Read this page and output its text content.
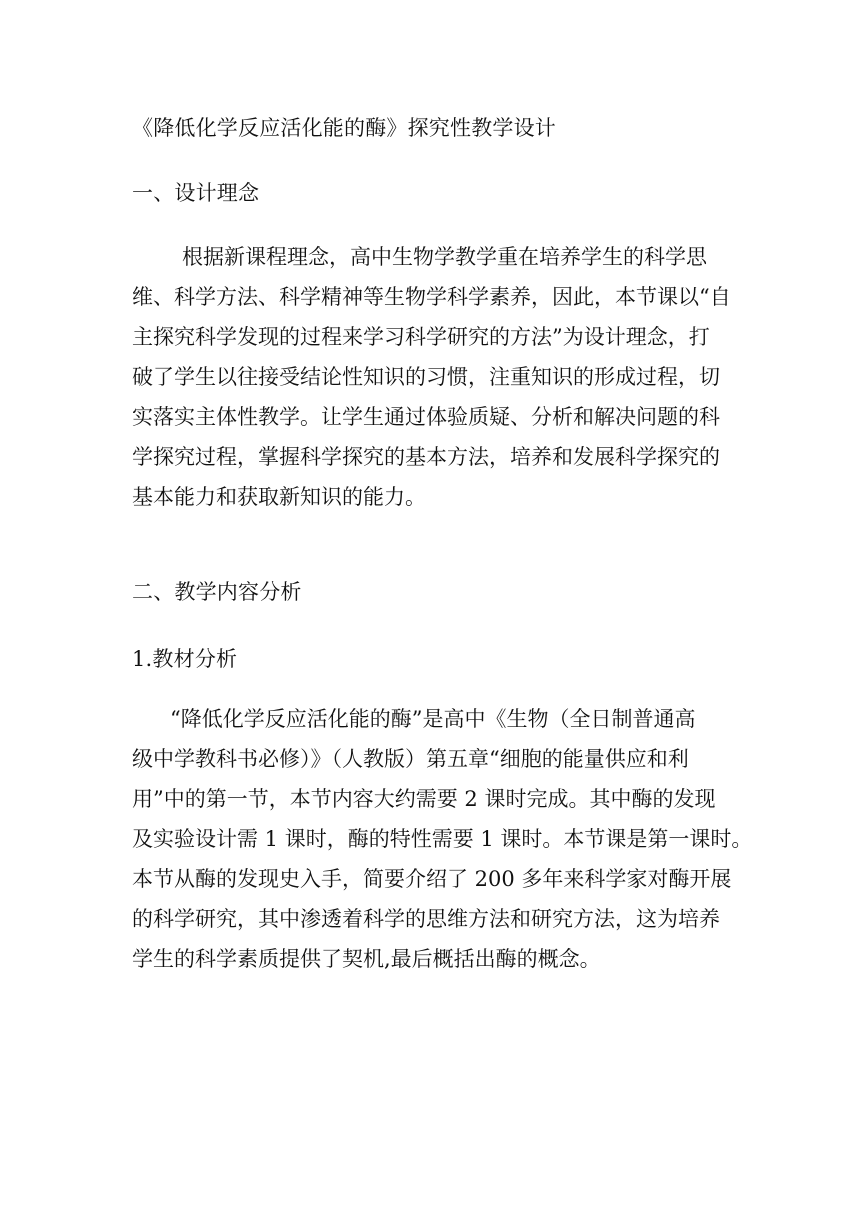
《降低化学反应活化能的酶》探究性教学设计
一、设计理念
根据新课程理念，高中生物学教学重在培养学生的科学思
维、科学方法、科学精神等生物学科学素养，因此，本节课以“自
主探究科学发现的过程来学习科学研究的方法”为设计理念，打
破了学生以往接受结论性知识的习惯，注重知识的形成过程，切
实落实主体性教学。让学生通过体验质疑、分析和解决问题的科
学探究过程，掌握科学探究的基本方法，培养和发展科学探究的
基本能力和获取新知识的能力。
二、教学内容分析
1.教材分析
“降低化学反应活化能的酶”是高中《生物（全日制普通高
级中学教科书必修）》（人教版）第五章“细胞的能量供应和利
用”中的第一节，本节内容大约需要 2 课时完成。其中酶的发现
及实验设计需 1 课时，酶的特性需要 1 课时。本节课是第一课时。
本节从酶的发现史入手，简要介绍了 200 多年来科学家对酶开展
的科学研究，其中渗透着科学的思维方法和研究方法，这为培养
学生的科学素质提供了契机,最后概括出酶的概念。
